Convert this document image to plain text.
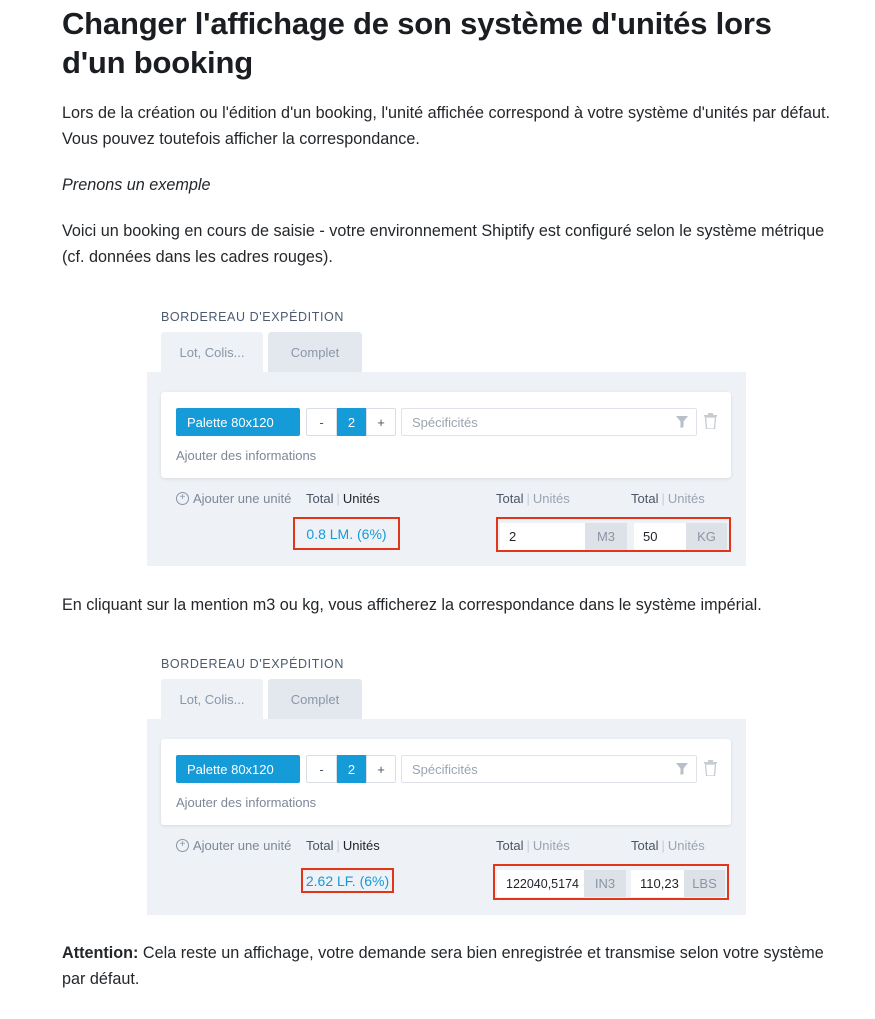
Changer l'affichage de son système d'unités lors d'un booking

Lors de la création ou l'édition d'un booking, l'unité affichée correspond à votre système d'unités par défaut. Vous pouvez toutefois afficher la correspondance.

Prenons un exemple

Voici un booking en cours de saisie - votre environnement Shiptify est configuré selon le système métrique (cf. données dans les cadres rouges).

En cliquant sur la mention m3 ou kg, vous afficherez la correspondance dans le système impérial.

Attention: Cela reste un affichage, votre demande sera bien enregistrée et transmise selon votre système par défaut.

BORDEREAU D'EXPÉDITION
Lot, Colis...	Complet
Palette 80x120	-	2	+	Spécificités
Ajouter des informations
+ Ajouter une unité Total | Unités	Total | Unités	Total | Unités
0.8 LM. (6%)	2	M3	50	KG
BORDEREAU D'EXPÉDITION
Lot, Colis...	Complet
Palette 80x120	-	2	+	Spécificités
Ajouter des informations
+ Ajouter une unité Total | Unités	Total | Unités	Total | Unités
2.62 LF. (6%)	122040,5174	IN3	110,23	LBS
